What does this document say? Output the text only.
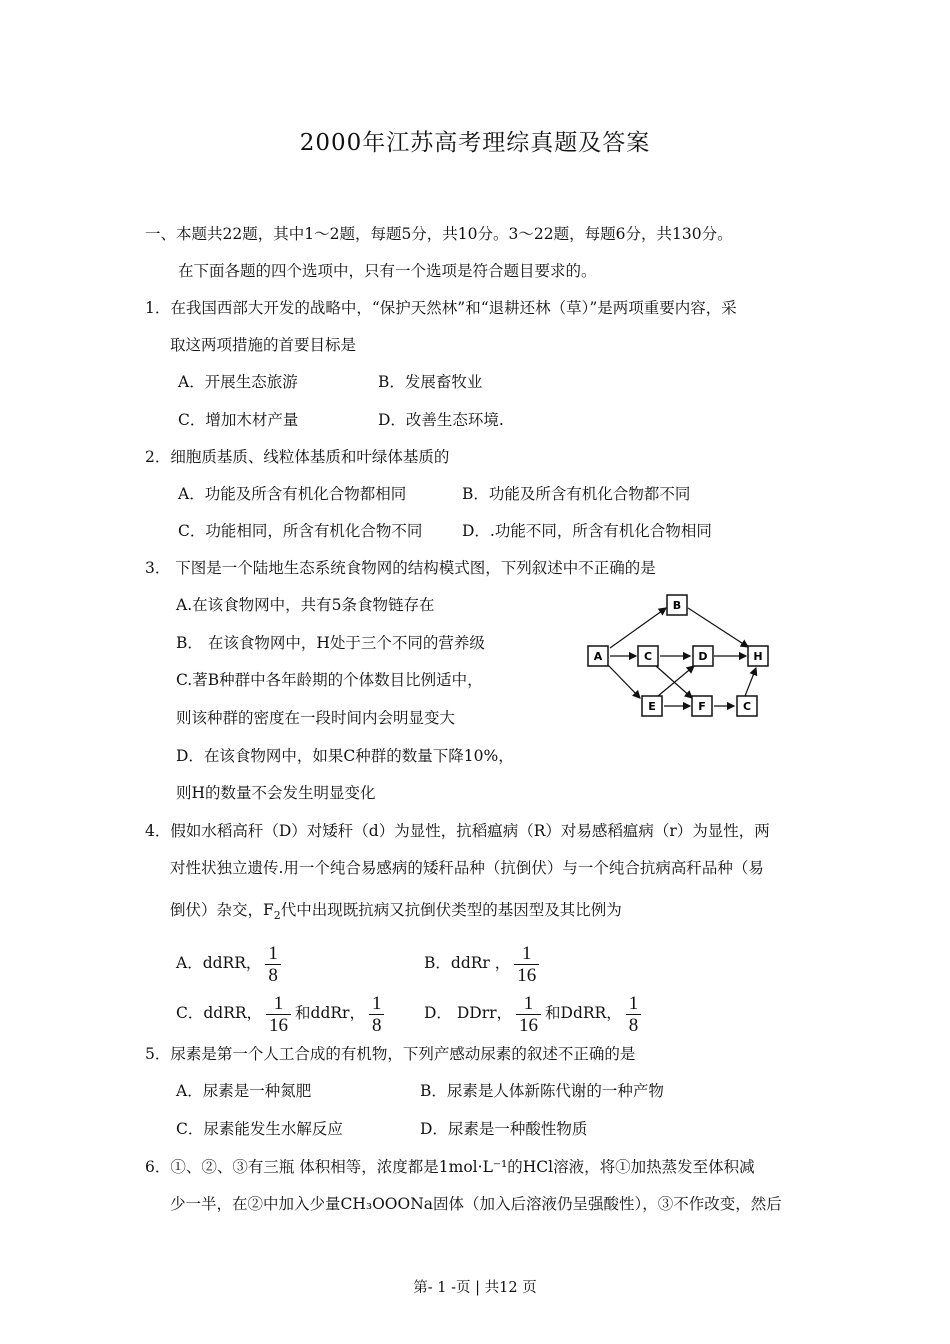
2000年江苏高考理综真题及答案
一、本题共22题，其中1～2题，每题5分，共10分。3～22题，每题6分，共130分。
在下面各题的四个选项中，只有一个选项是符合题目要求的。
1．在我国西部大开发的战略中，“保护天然林”和“退耕还林（草）”是两项重要内容，采
取这两项措施的首要目标是
A．开展生态旅游	B．发展畜牧业
C．增加木材产量	D．改善生态环境.
2．细胞质基质、线粒体基质和叶绿体基质的
A．功能及所含有机化合物都相同	B．功能及所含有机化合物都不同
C．功能相同，所含有机化合物不同	D．.功能不同，所含有机化合物相同
3． 下图是一个陆地生态系统食物网的结构模式图，下列叙述中不正确的是
A.在该食物网中，共有5条食物链存在
B． 在该食物网中，H处于三个不同的营养级
C.著B种群中各年龄期的个体数目比例适中，
则该种群的密度在一段时间内会明显变大
D．在该食物网中，如果C种群的数量下降10%，
则H的数量不会发生明显变化
A
B
C	D	H
E	F	C
4．假如水稻高秆（D）对矮秆（d）为显性，抗稻瘟病（R）对易感稻瘟病（r）为显性，两
对性状独立遗传.用一个纯合易感病的矮秆品种（抗倒伏）与一个纯合抗病高秆品种（易
倒伏）杂交，$F_2$代中出现既抗病又抗倒伏类型的基因型及其比例为
A．ddRR， $\frac{1}{8}$	B．ddRr ， $\frac{1}{16}$
C．ddRR， $\frac{1}{16}$ 和ddRr， $\frac{1}{8}$	D． DDrr， $\frac{1}{16}$ 和DdRR， $\frac{1}{8}$
5．尿素是第一个人工合成的有机物，下列产感动尿素的叙述不正确的是
A．尿素是一种氮肥	B．尿素是人体新陈代谢的一种产物
C．尿素能发生水解反应	D．尿素是一种酸性物质
6．①、②、③有三瓶 体积相等，浓度都是1mol·L⁻¹的HCl溶液，将①加热蒸发至体积减
少一半，在②中加入少量CH₃OOONa固体（加入后溶液仍呈强酸性），③不作改变，然后
第- 1 -页 | 共12 页
